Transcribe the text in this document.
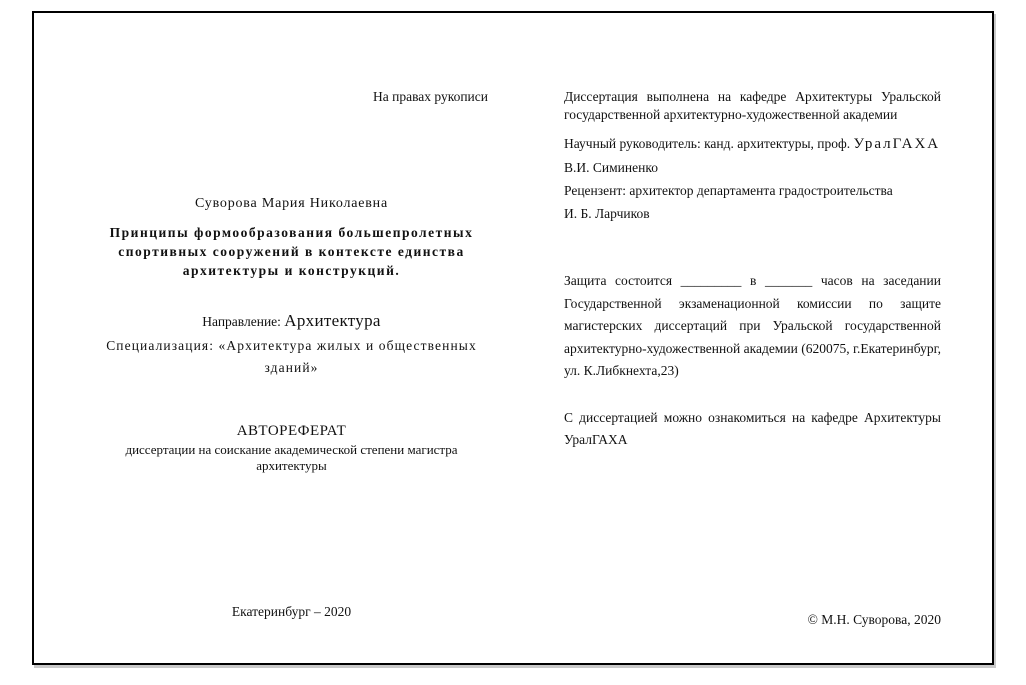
На правах рукописи
Суворова Мария Николаевна
Принципы формообразования большепролетных спортивных сооружений в контексте единства архитектуры и конструкций.
Направление: Архитектура
Специализация: «Архитектура жилых и общественных зданий»
АВТОРЕФЕРАТ
диссертации на соискание академической степени магистра архитектуры
Екатеринбург – 2020
Диссертация выполнена на кафедре Архитектуры Уральской государственной архитектурно-художественной академии
Научный руководитель: канд. архитектуры, проф. УралГАХА
В.И. Симиненко
Рецензент: архитектор департамента градостроительства
И. Б. Ларчиков
Защита состоится _________ в _______ часов на заседании Государственной экзаменационной комиссии по защите магистерских диссертаций при Уральской государственной архитектурно-художественной академии (620075, г.Екатеринбург, ул. К.Либкнехта,23)
С диссертацией можно ознакомиться на кафедре Архитектуры УралГАХА
© М.Н. Суворова, 2020
